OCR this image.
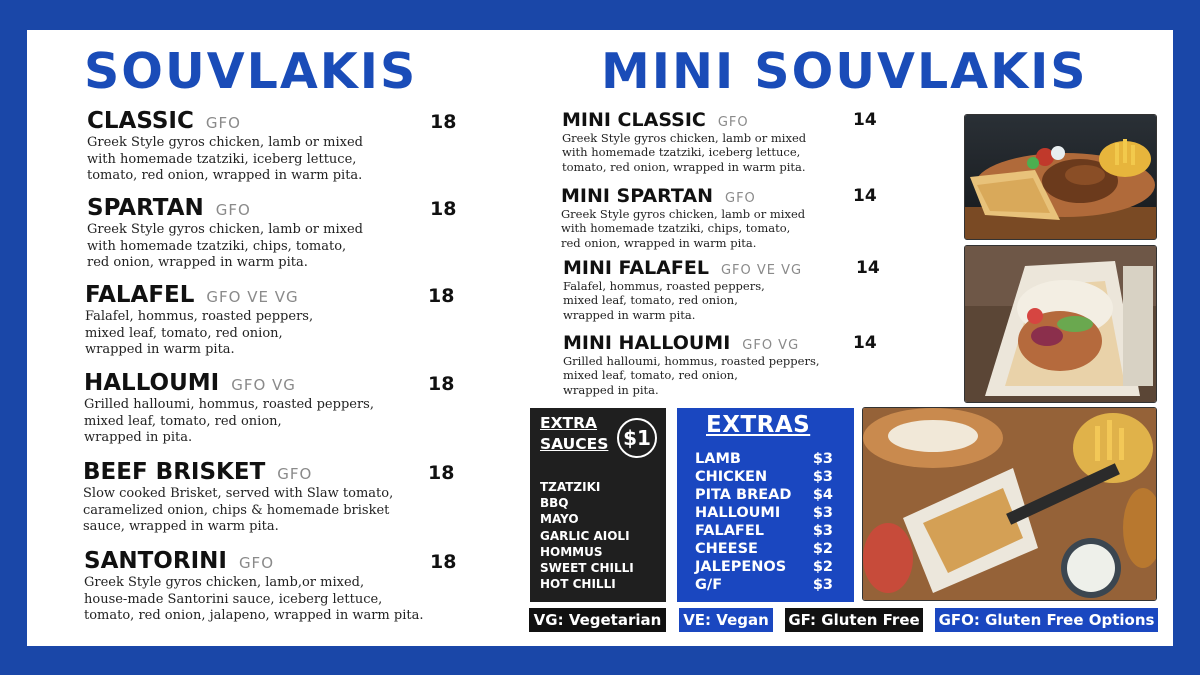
SOUVLAKIS
CLASSIC GFO	18
Greek Style gyros chicken, lamb or mixed
with homemade tzatziki, iceberg lettuce,
tomato, red onion, wrapped in warm pita.
SPARTAN GFO	18
Greek Style gyros chicken, lamb or mixed
with homemade tzatziki, chips, tomato,
red onion, wrapped in warm pita.
FALAFEL GFO VE VG	18
Falafel, hommus, roasted peppers,
mixed leaf, tomato, red onion,
wrapped in warm pita.
HALLOUMI GFO VG	18
Grilled halloumi, hommus, roasted peppers,
mixed leaf, tomato, red onion,
wrapped in pita.
BEEF BRISKET GFO	18
Slow cooked Brisket, served with Slaw tomato,
caramelized onion, chips & homemade brisket
sauce, wrapped in warm pita.
SANTORINI GFO	18
Greek Style gyros chicken, lamb,or mixed,
house-made Santorini sauce, iceberg lettuce,
tomato, red onion, jalapeno, wrapped in warm pita.
MINI SOUVLAKIS
MINI CLASSIC GFO	14
Greek Style gyros chicken, lamb or mixed
with homemade tzatziki, iceberg lettuce,
tomato, red onion, wrapped in warm pita.
MINI SPARTAN GFO	14
Greek Style gyros chicken, lamb or mixed
with homemade tzatziki, chips, tomato,
red onion, wrapped in warm pita.
MINI FALAFEL GFO VE VG	14
Falafel, hommus, roasted peppers,
mixed leaf, tomato, red onion,
wrapped in warm pita.
MINI HALLOUMI GFO VG	14
Grilled halloumi, hommus, roasted peppers,
mixed leaf, tomato, red onion,
wrapped in pita.
EXTRA
SAUCES $1
TZATZIKI
BBQ
MAYO
GARLIC AIOLI
HOMMUS
SWEET CHILLI
HOT CHILLI
EXTRAS
LAMB	$3
CHICKEN	$3
PITA BREAD $4
HALLOUMI $3
FALAFEL	$3
CHEESE	$2
JALEPENOS $2
G/F	$3
VG: Vegetarian	VE: Vegan GF: Gluten Free GFO: Gluten Free Options
